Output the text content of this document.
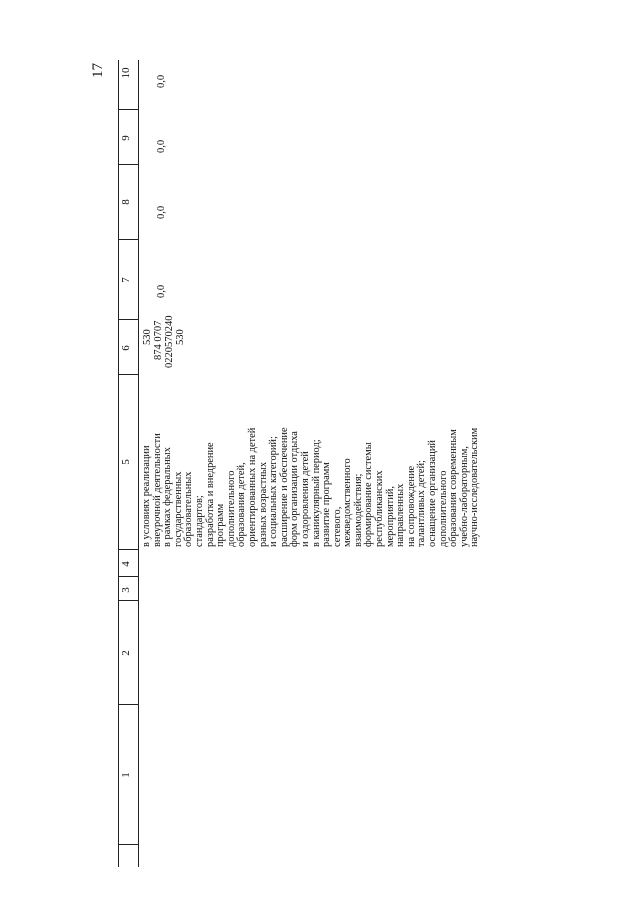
17
1
2
3
4
5
6
7
8
9
10
в условиях реализации внеурочной деятельности в рамках федеральных государственных образовательных стандартов; разработка и внедрение программ дополнительного образования детей, ориентированных на детей разных возрастных и социальных категорий; расширение и обеспечение форм организации отдыха и оздоровления детей в каникулярный период; развитие программ сетевого, межведомственного взаимодействия; формирование системы республиканских мероприятий, направленных на сопровождение талантливых детей; оснащение организаций дополнительного образования современным учебно-лабораторным, научно-исследовательским
530 874 0707 0220570240 530
0,0
0,0
0,0
0,0
